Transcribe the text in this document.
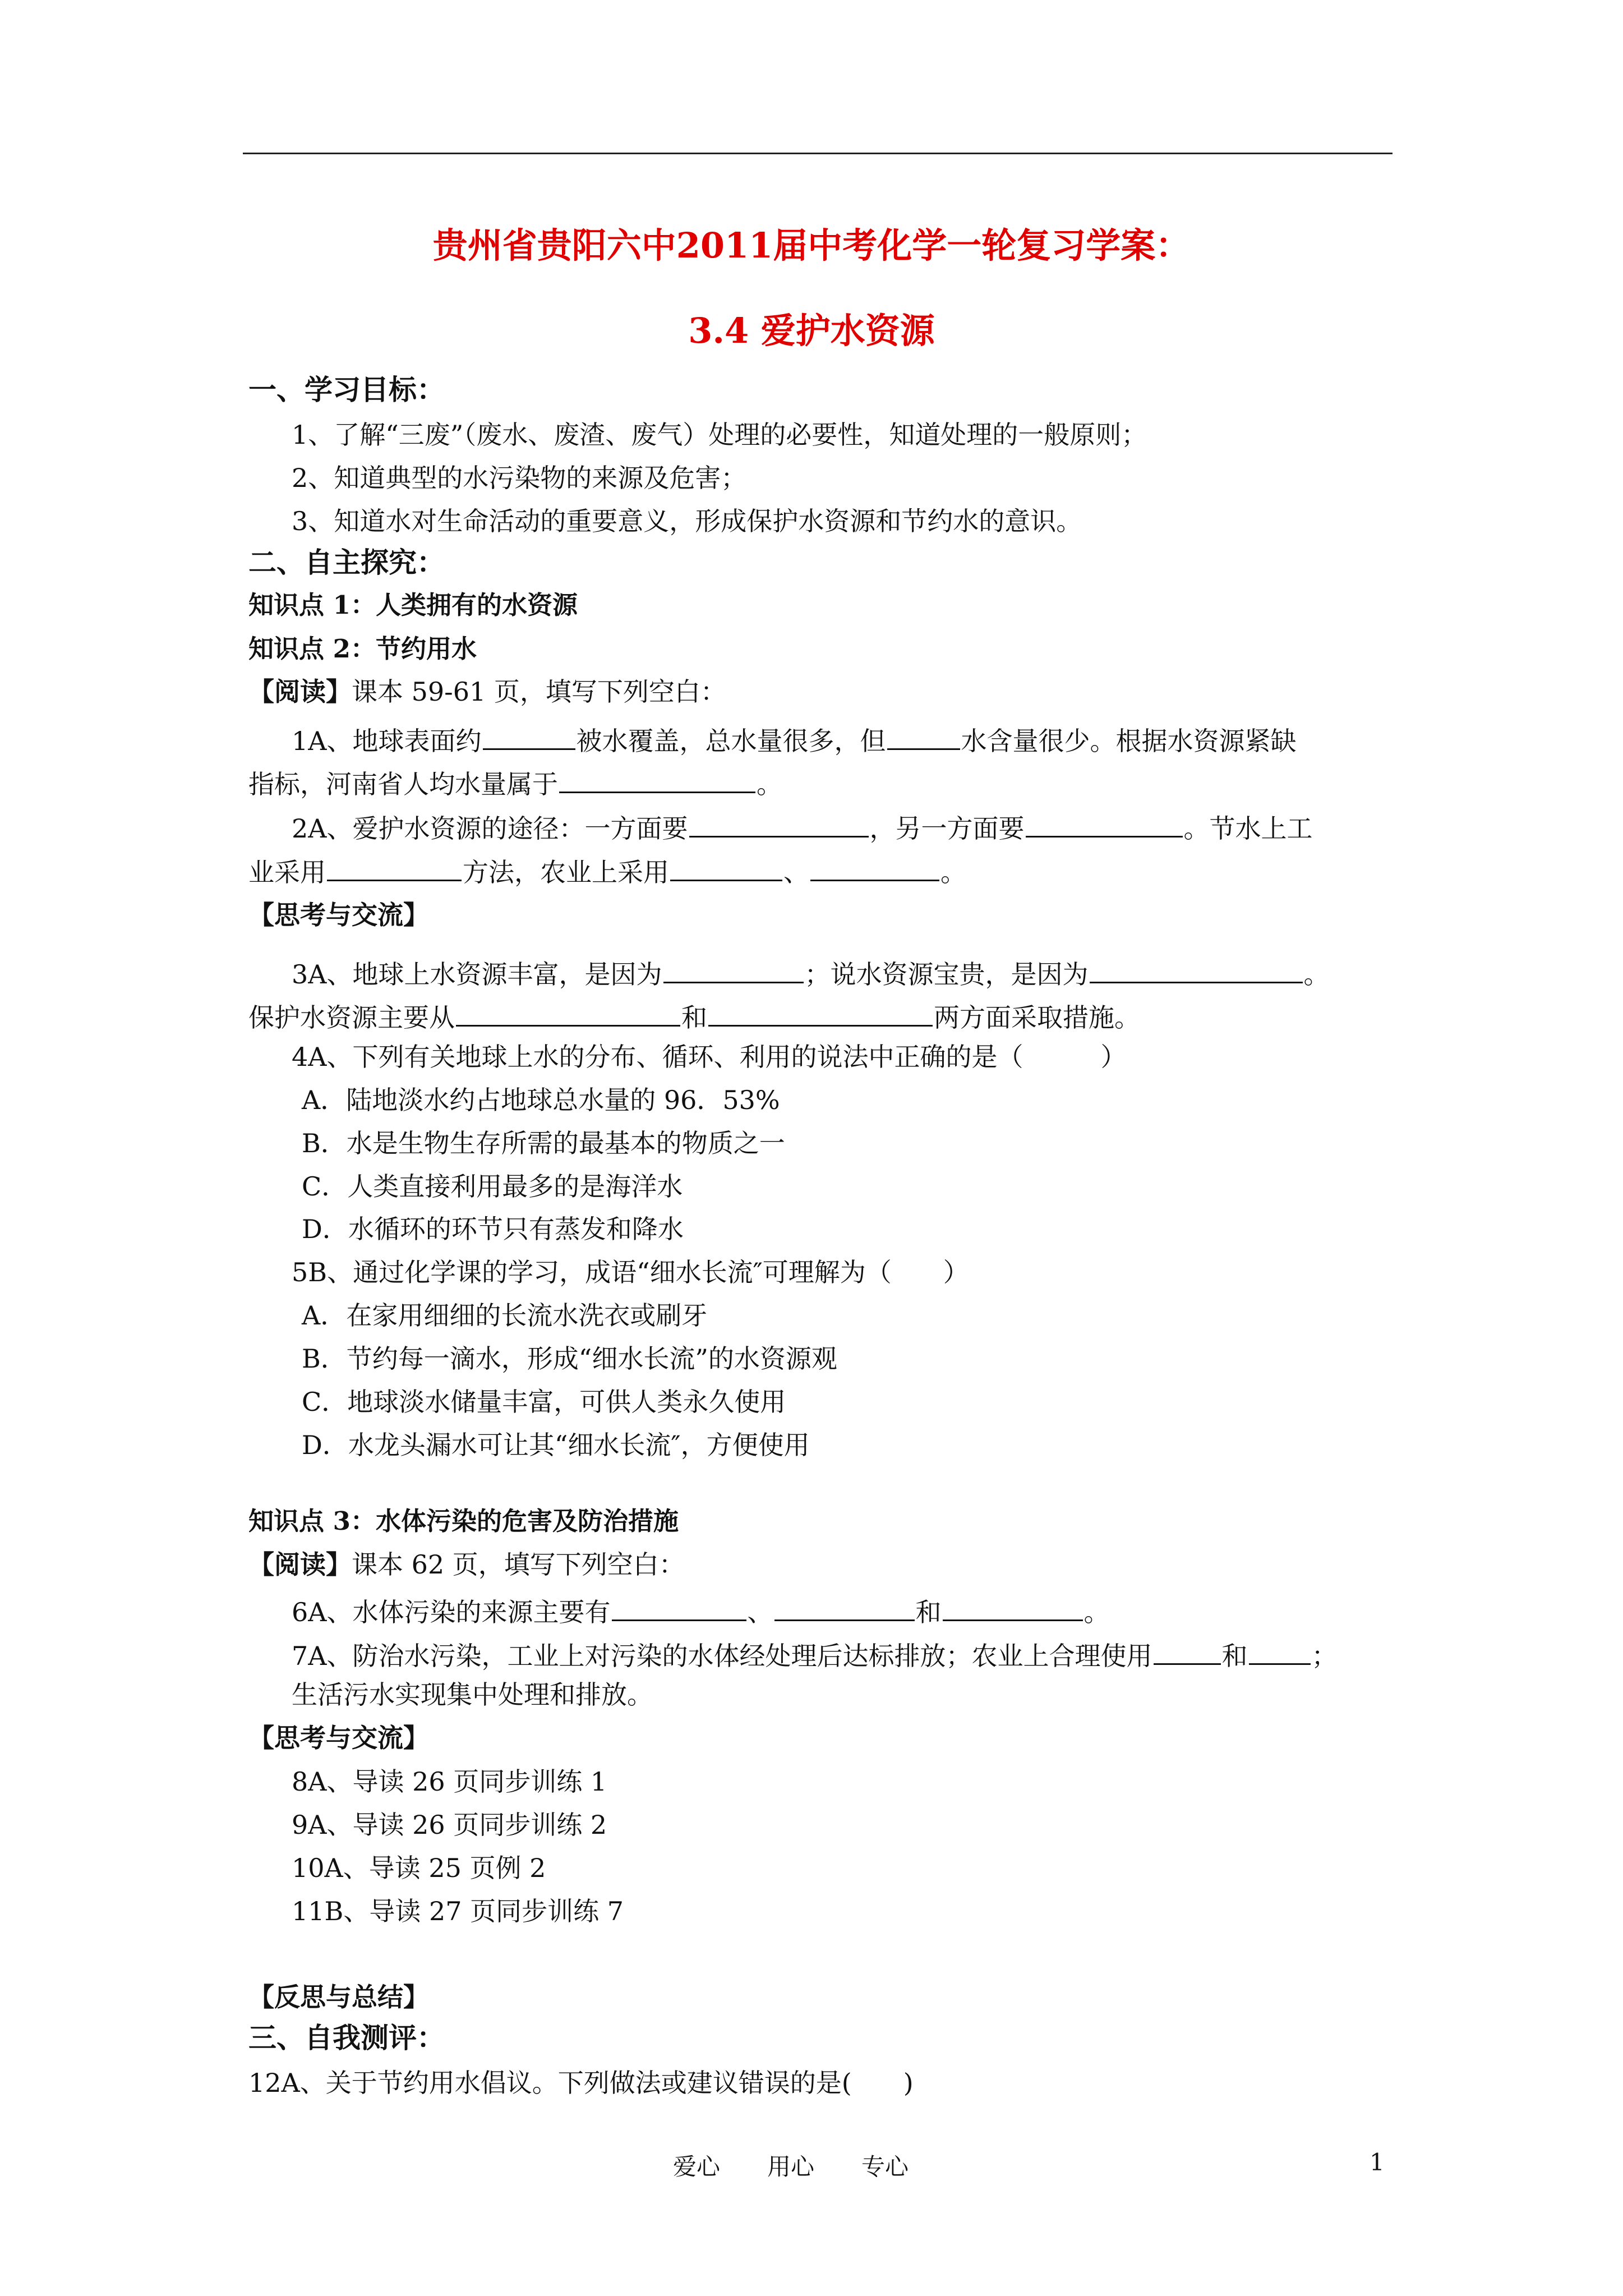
贵州省贵阳六中2011届中考化学一轮复习学案：
3.4 爱护水资源
一、学习目标：
1、了解“三废”（废水、废渣、废气）处理的必要性，知道处理的一般原则；
2、知道典型的水污染物的来源及危害；
3、知道水对生命活动的重要意义，形成保护水资源和节约水的意识。
二、自主探究：
知识点 1：人类拥有的水资源
知识点 2：节约用水
【阅读】课本 59-61 页，填写下列空白：
1A、地球表面约	被水覆盖，总水量很多，但	水含量很少。根据水资源紧缺
指标，河南省人均水量属于	。
2A、爱护水资源的途径：一方面要	，另一方面要	。节水上工
业采用	方法，农业上采用	、	。
【思考与交流】
3A、地球上水资源丰富，是因为	；说水资源宝贵，是因为	。
保护水资源主要从	和	两方面采取措施。
4A、下列有关地球上水的分布、循环、利用的说法中正确的是（　　　）
A．陆地淡水约占地球总水量的 96．53%
B．水是生物生存所需的最基本的物质之一
C．人类直接利用最多的是海洋水
D．水循环的环节只有蒸发和降水
5B、通过化学课的学习，成语“细水长流″可理解为（　　）
A．在家用细细的长流水洗衣或刷牙
B．节约每一滴水，形成“细水长流”的水资源观
C．地球淡水储量丰富，可供人类永久使用
D．水龙头漏水可让其“细水长流″，方便使用
知识点 3：水体污染的危害及防治措施
【阅读】课本 62 页，填写下列空白：
6A、水体污染的来源主要有	、	和	。
7A、防治水污染，工业上对污染的水体经处理后达标排放；农业上合理使用	和 ；
生活污水实现集中处理和排放。
【思考与交流】
8A、导读 26 页同步训练 1
9A、导读 26 页同步训练 2
10A、导读 25 页例 2
11B、导读 27 页同步训练 7
【反思与总结】
三、自我测评：
12A、关于节约用水倡议。下列做法或建议错误的是(　　)
爱心　　用心　　专心	1
